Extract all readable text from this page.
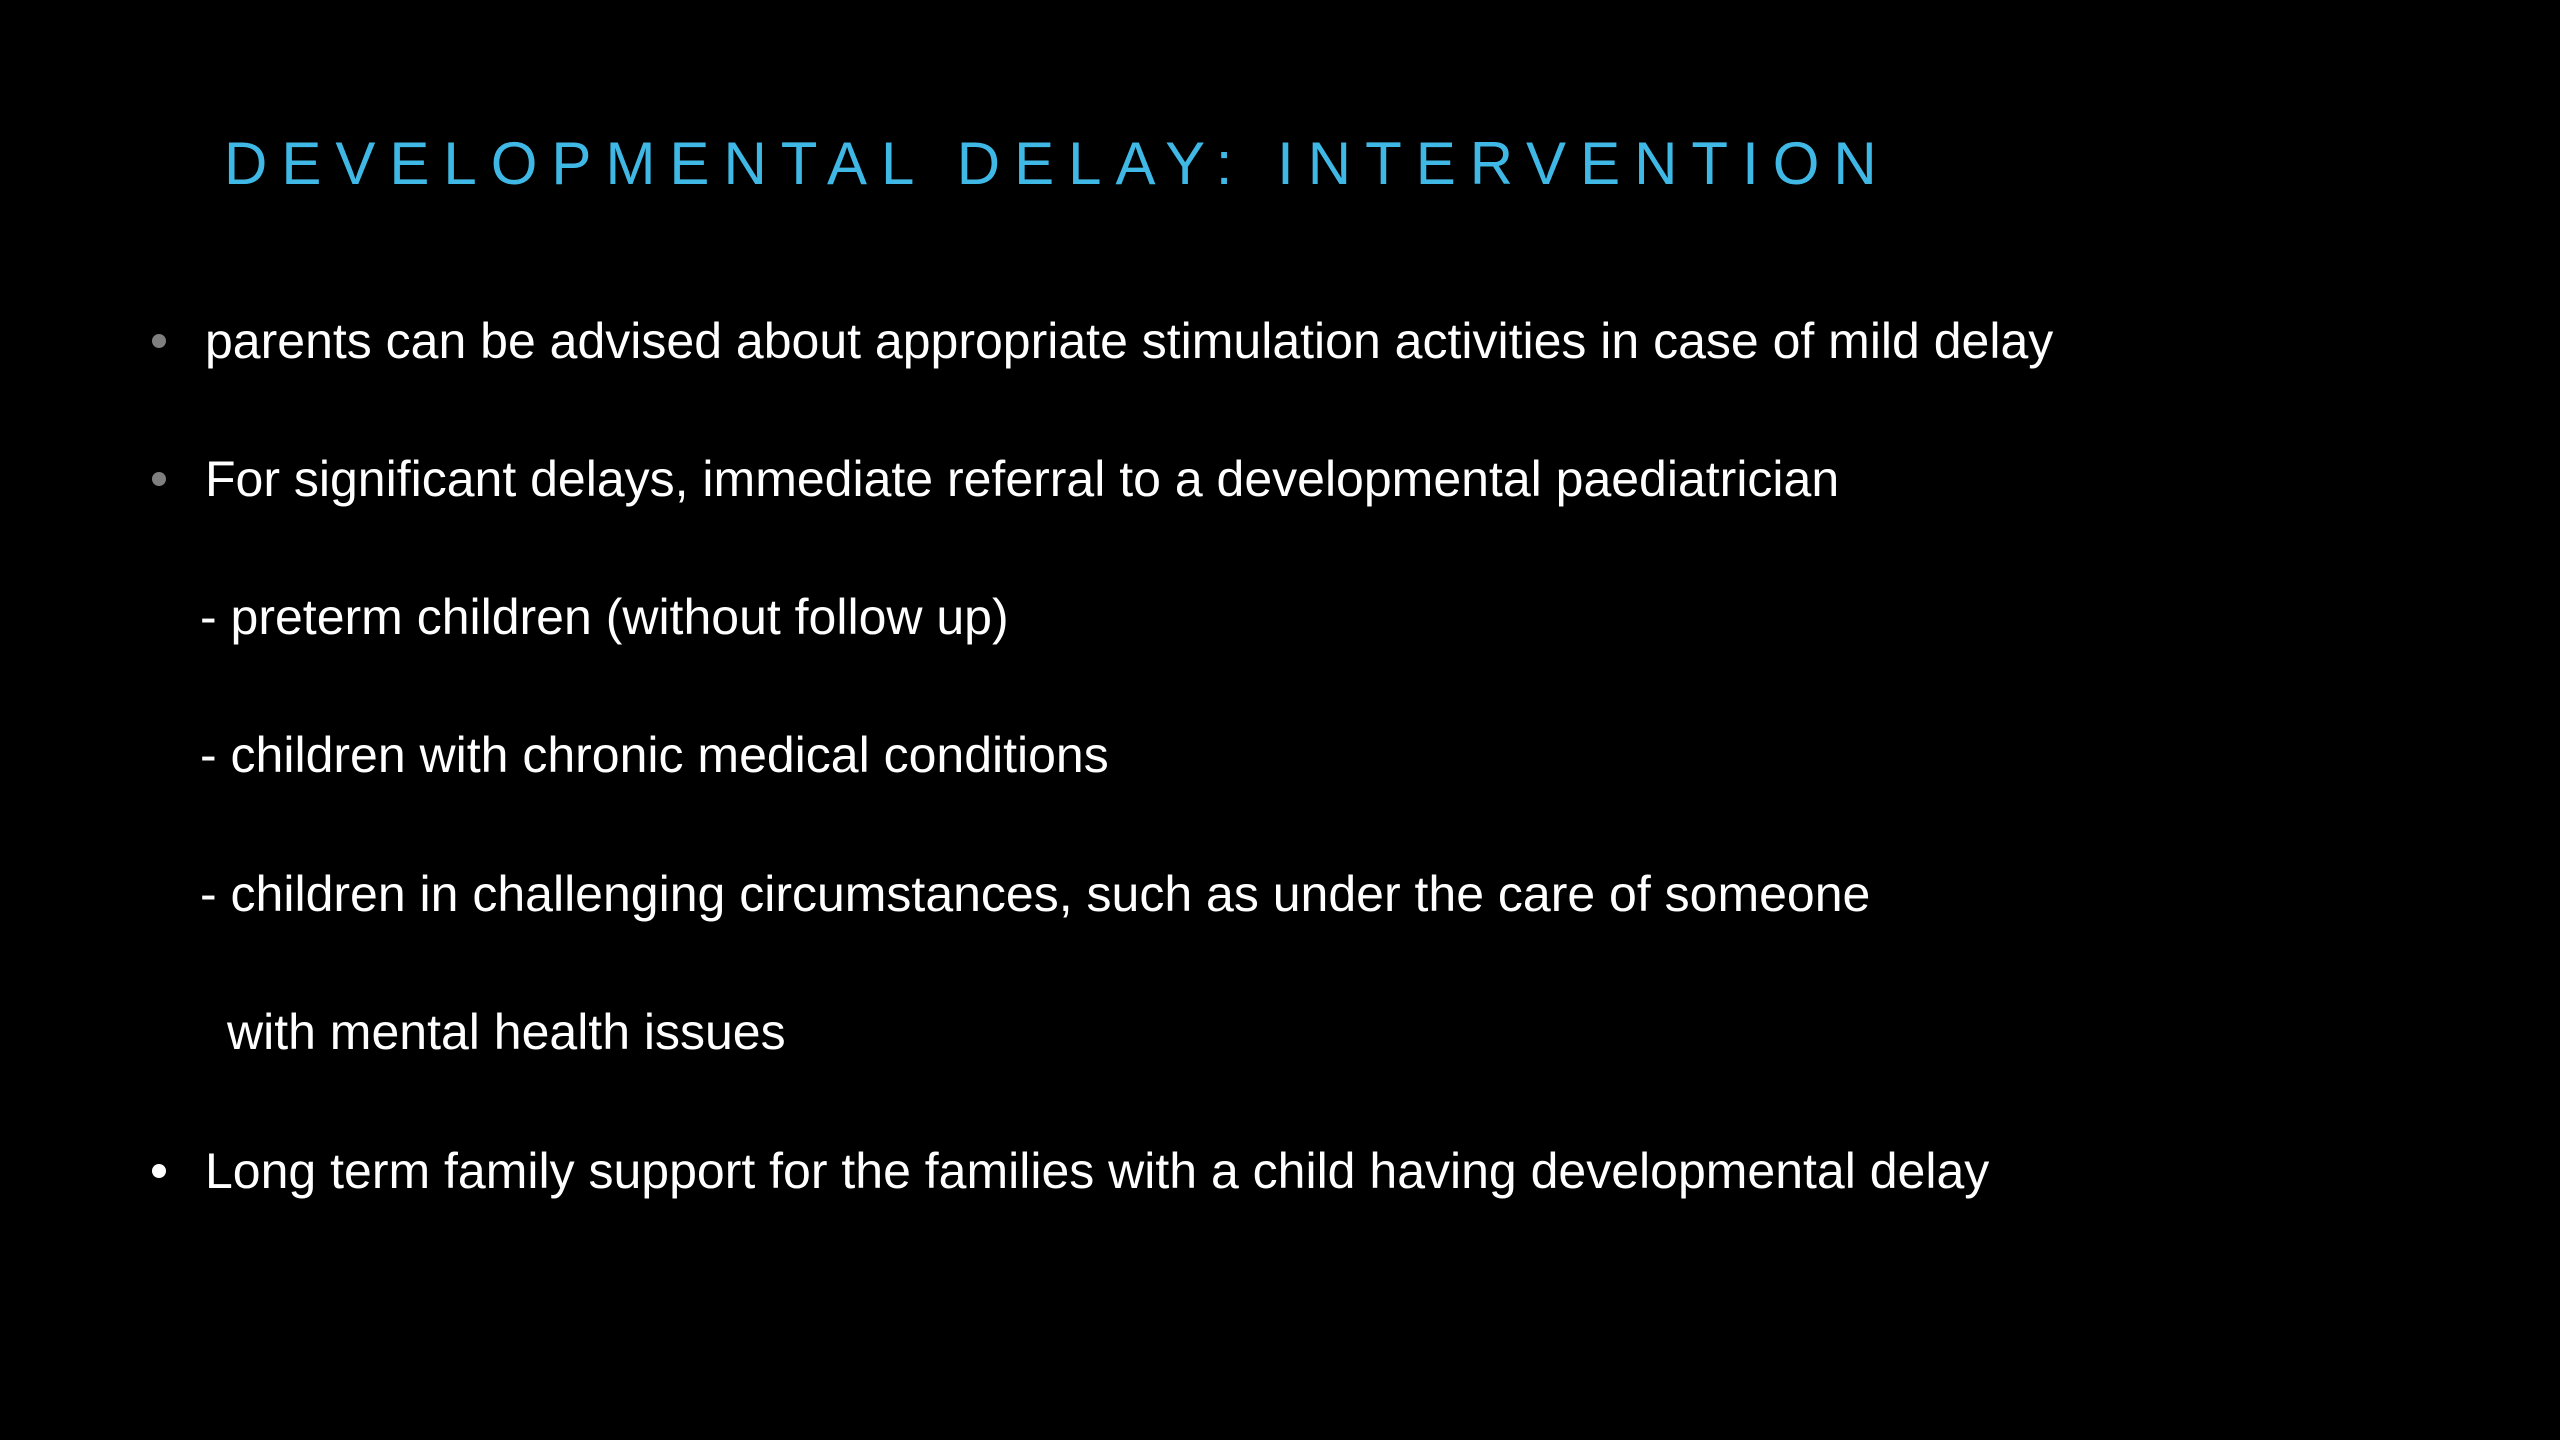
DEVELOPMENTAL DELAY: INTERVENTION
parents can be advised about appropriate stimulation activities in case of mild delay
For significant delays, immediate referral to a developmental paediatrician
- preterm children (without follow up)
- children with chronic medical conditions
- children in challenging circumstances, such as under the care of someone
with mental health issues
Long term family support for the families with a child having developmental delay
